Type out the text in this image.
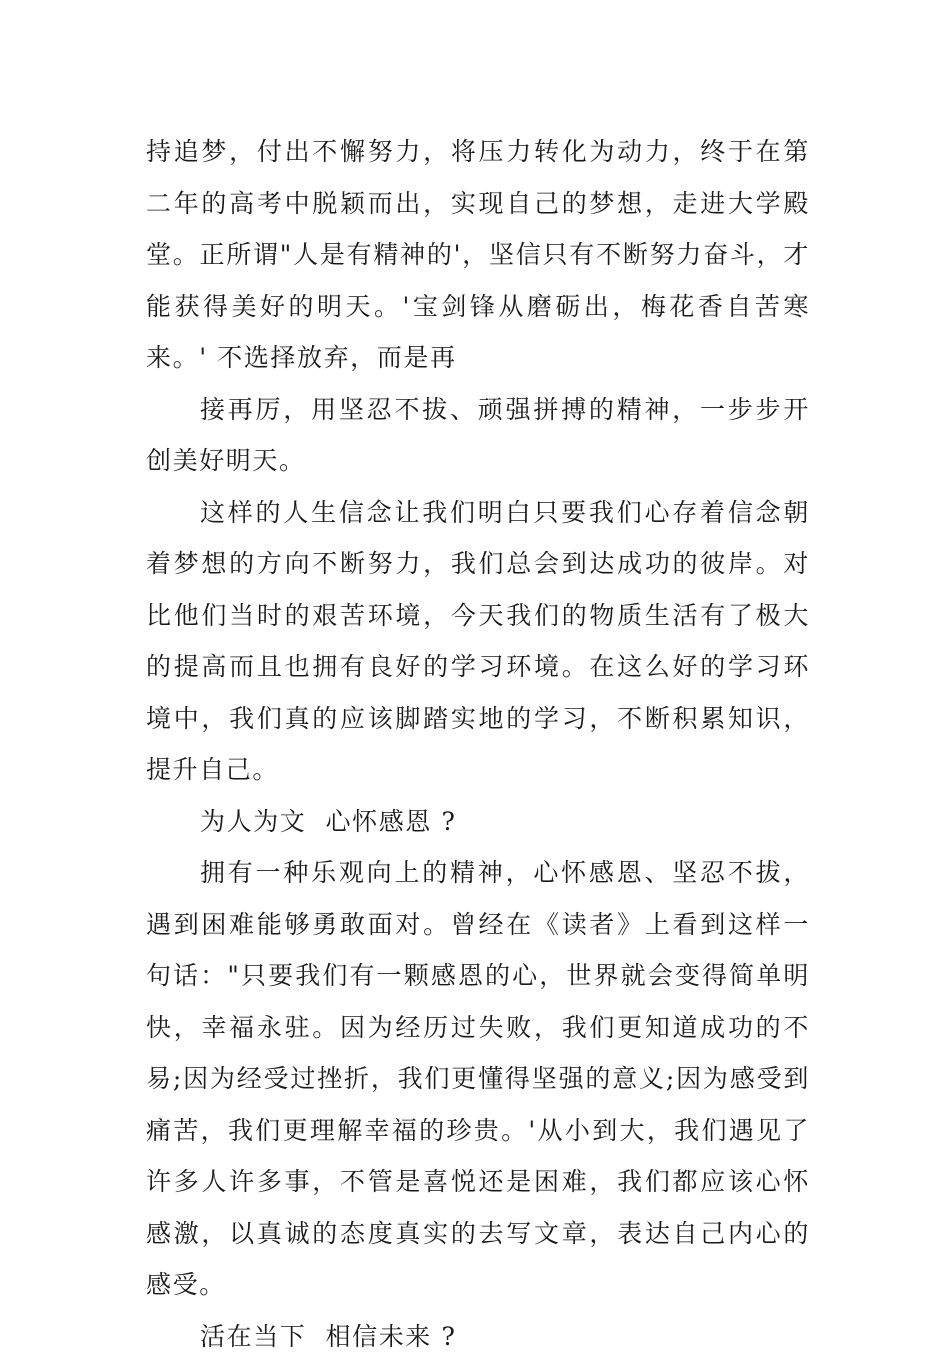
持追梦，付出不懈努力，将压力转化为动力，终于在第二年的高考中脱颖而出，实现自己的梦想，走进大学殿堂。正所谓"人是有精神的'，坚信只有不断努力奋斗，才能获得美好的明天。'宝剑锋从磨砺出，梅花香自苦寒来。' 不选择放弃，而是再

接再厉，用坚忍不拔、顽强拼搏的精神，一步步开创美好明天。

这样的人生信念让我们明白只要我们心存着信念朝着梦想的方向不断努力，我们总会到达成功的彼岸。对比他们当时的艰苦环境，今天我们的物质生活有了极大的提高而且也拥有良好的学习环境。在这么好的学习环境中，我们真的应该脚踏实地的学习，不断积累知识，提升自己。

为人为文  心怀感恩 ?

拥有一种乐观向上的精神，心怀感恩、坚忍不拔，遇到困难能够勇敢面对。曾经在《读者》上看到这样一句话："只要我们有一颗感恩的心，世界就会变得简单明快，幸福永驻。因为经历过失败，我们更知道成功的不易;因为经受过挫折，我们更懂得坚强的意义;因为感受到痛苦，我们更理解幸福的珍贵。'从小到大，我们遇见了许多人许多事，不管是喜悦还是困难，我们都应该心怀感激，以真诚的态度真实的去写文章，表达自己内心的感受。

活在当下  相信未来 ?
